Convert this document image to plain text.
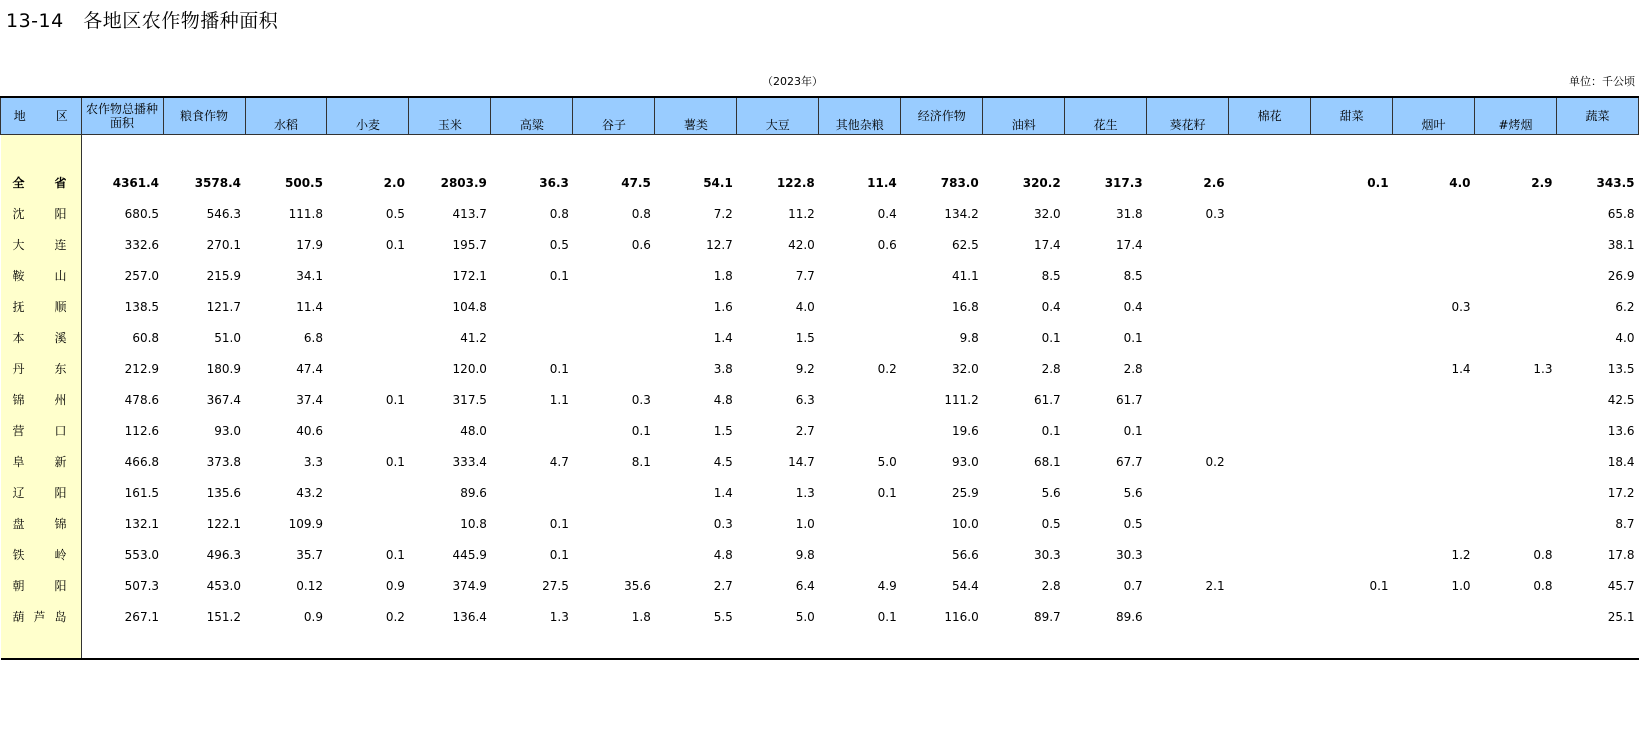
13-14　各地区农作物播种面积
（2023年）	单位：千公顷
地 区	农作物总播种面积	粮食作物									经济作物				棉花	甜菜			蔬菜
			水稻	小麦	玉米	高粱	谷子	薯类	大豆	其他杂粮		油料	花生	葵花籽			烟叶	#烤烟	

全 省	4361.4	3578.4	500.5	2.0	2803.9	36.3	47.5	54.1	122.8	11.4	783.0	320.2	317.3	2.6		0.1	4.0	2.9	343.5

沈 阳	680.5	546.3	111.8	0.5	413.7	0.8	0.8	7.2	11.2	0.4	134.2	32.0	31.8	0.3					65.8

大 连	332.6	270.1	17.9	0.1	195.7	0.5	0.6	12.7	42.0	0.6	62.5	17.4	17.4						38.1

鞍 山	257.0	215.9	34.1		172.1	0.1		1.8	7.7		41.1	8.5	8.5						26.9

抚 顺	138.5	121.7	11.4		104.8			1.6	4.0		16.8	0.4	0.4				0.3		6.2

本 溪	60.8	51.0	6.8		41.2			1.4	1.5		9.8	0.1	0.1						4.0

丹 东	212.9	180.9	47.4		120.0	0.1		3.8	9.2	0.2	32.0	2.8	2.8				1.4	1.3	13.5

锦 州	478.6	367.4	37.4	0.1	317.5	1.1	0.3	4.8	6.3		111.2	61.7	61.7						42.5

营 口	112.6	93.0	40.6		48.0		0.1	1.5	2.7		19.6	0.1	0.1						13.6

阜 新	466.8	373.8	3.3	0.1	333.4	4.7	8.1	4.5	14.7	5.0	93.0	68.1	67.7	0.2					18.4

辽 阳	161.5	135.6	43.2		89.6			1.4	1.3	0.1	25.9	5.6	5.6						17.2

盘 锦	132.1	122.1	109.9		10.8	0.1		0.3	1.0		10.0	0.5	0.5						8.7

铁 岭	553.0	496.3	35.7	0.1	445.9	0.1		4.8	9.8		56.6	30.3	30.3				1.2	0.8	17.8

朝 阳	507.3	453.0	0.12	0.9	374.9	27.5	35.6	2.7	6.4	4.9	54.4	2.8	0.7	2.1		0.1	1.0	0.8	45.7

葫 芦 岛	267.1	151.2	0.9	0.2	136.4	1.3	1.8	5.5	5.0	0.1	116.0	89.7	89.6						25.1
